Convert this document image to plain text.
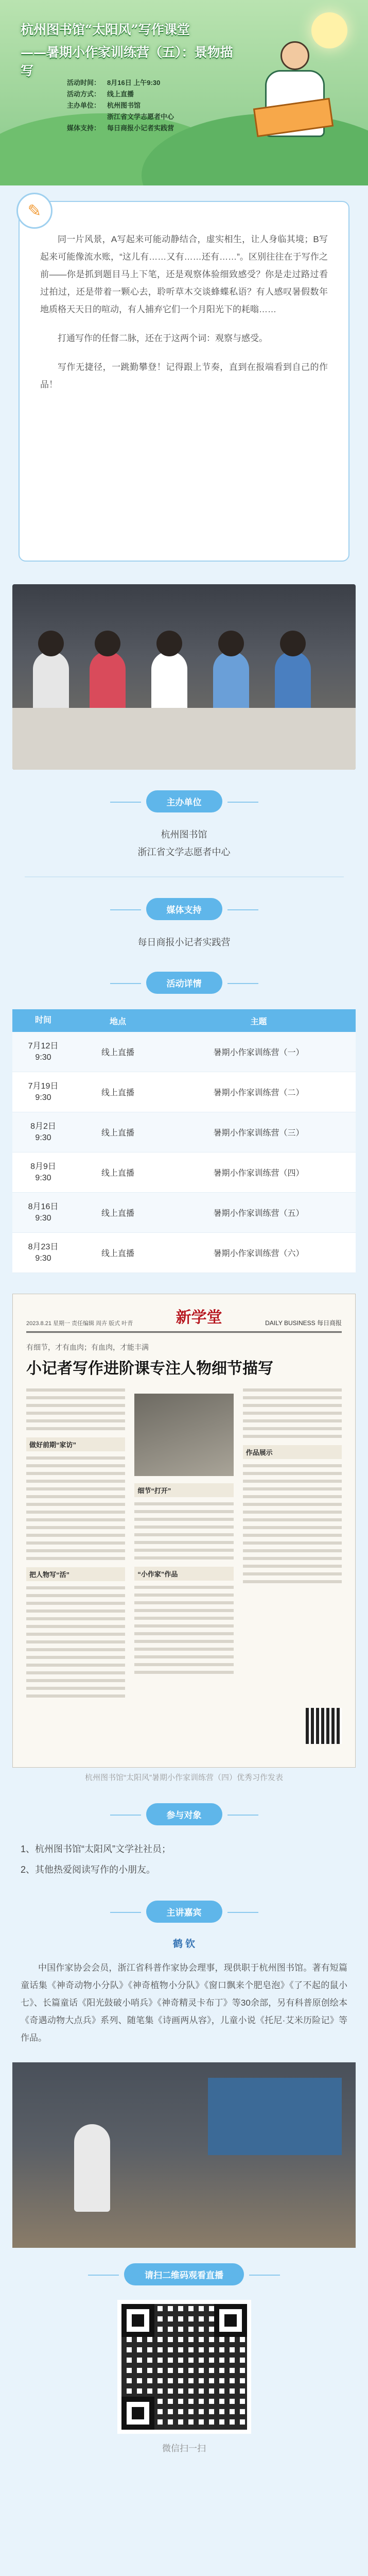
杭州图书馆“太阳风”写作课堂
——暑期小作家训练营（五）：景物描写
活动时间： 8月16日 上午9:30
活动方式： 线上直播
主办单位： 杭州图书馆
浙江省文学志愿者中心
媒体支持： 每日商报小记者实践营
✎

同一片风景，A写起来可能动静结合，虚实相生，让人身临其境；B写起来可能像流水账，“这儿有……又有……还有……”。区别往往在于写作之前——你是抓到题目马上下笔，还是观察体验细致感受？你是走过路过看过拍过，还是带着一颗心去，聆听草木交谈蜂蝶私语？有人感叹暑假数年地质格天天日的喧动，有人捕弃它们一个月阳光下的耗嗡……

打通写作的任督二脉，还在于这两个词：观察与感受。

写作无捷径，一跳勤攀登！记得跟上节奏，直到在报端看到自己的作品！

主办单位
杭州图书馆
浙江省文学志愿者中心
媒体支持
每日商报小记者实践营
活动详情
时间	地点	主题
7月12日
9:30	线上直播	暑期小作家训练营（一）
7月19日
9:30	线上直播	暑期小作家训练营（二）
8月2日
9:30	线上直播	暑期小作家训练营（三）
8月9日
9:30	线上直播	暑期小作家训练营（四）
8月16日
9:30	线上直播	暑期小作家训练营（五）
8月23日
9:30	线上直播	暑期小作家训练营（六）
2023.8.21 星期一 责任编辑 周卉 版式 叶青	新学堂	DAILY BUSINESS 每日商报
有细节，才有血肉；有血肉，才能丰满
小记者写作进阶课专注人物细节描写
做好前期“家访”
把人物写“活”
细节“打开”
“小作家”作品
作品展示
杭州图书馆“太阳风”暑期小作家训练营（四）优秀习作发表
参与对象
1、杭州图书馆“太阳风”文学社社员；
2、其他热爱阅读写作的小朋友。
主讲嘉宾
鹤 钦
中国作家协会会员，浙江省科普作家协会理事，现供职于杭州图书馆。著有短篇童话集《神奇动物小分队》《神奇植物小分队》《窗口飘来个肥皂泡》《了不起的鼠小七》、长篇童话《阳光鼓破小哨兵》《神奇精灵卡布丁》等30余部，另有科普原创绘本《奇遇动物大点兵》系列、随笔集《诗画两从容》，儿童小说《托尼·艾米历险记》等作品。
请扫二维码观看直播
微信扫一扫
